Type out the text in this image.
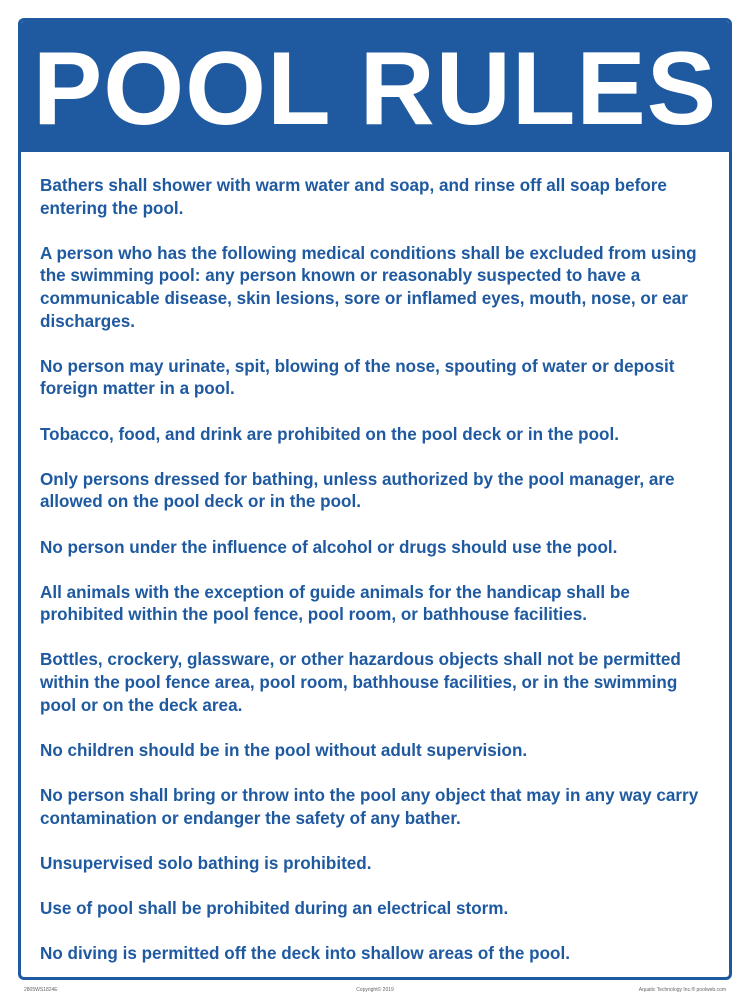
POOL RULES
Bathers shall shower with warm water and soap, and rinse off all soap before entering the pool.
A person who has the following medical conditions shall be excluded from using the swimming pool: any person known or reasonably suspected to have a communicable disease, skin lesions, sore or inflamed eyes, mouth, nose, or ear discharges.
No person may urinate, spit, blowing of the nose, spouting of water or deposit foreign matter in a pool.
Tobacco, food, and drink are prohibited on the pool deck or in the pool.
Only persons dressed for bathing, unless authorized by the pool manager, are allowed on the pool deck or in the pool.
No person under the influence of alcohol or drugs should use the pool.
All animals with the exception of guide animals for the handicap shall be prohibited within the pool fence, pool room, or bathhouse facilities.
Bottles, crockery, glassware, or other hazardous objects shall not be permitted within the pool fence area, pool room, bathhouse facilities, or in the swimming pool or on the deck area.
No children should be in the pool without adult supervision.
No person shall bring or throw into the pool any object that may in any way carry contamination or endanger the safety of any bather.
Unsupervised solo bathing is prohibited.
Use of pool shall be prohibited during an electrical storm.
No diving is permitted off the deck into shallow areas of the pool.
2805WS1824E	Copyright© 2019	Aquatic Technology Inc.® poolweb.com
